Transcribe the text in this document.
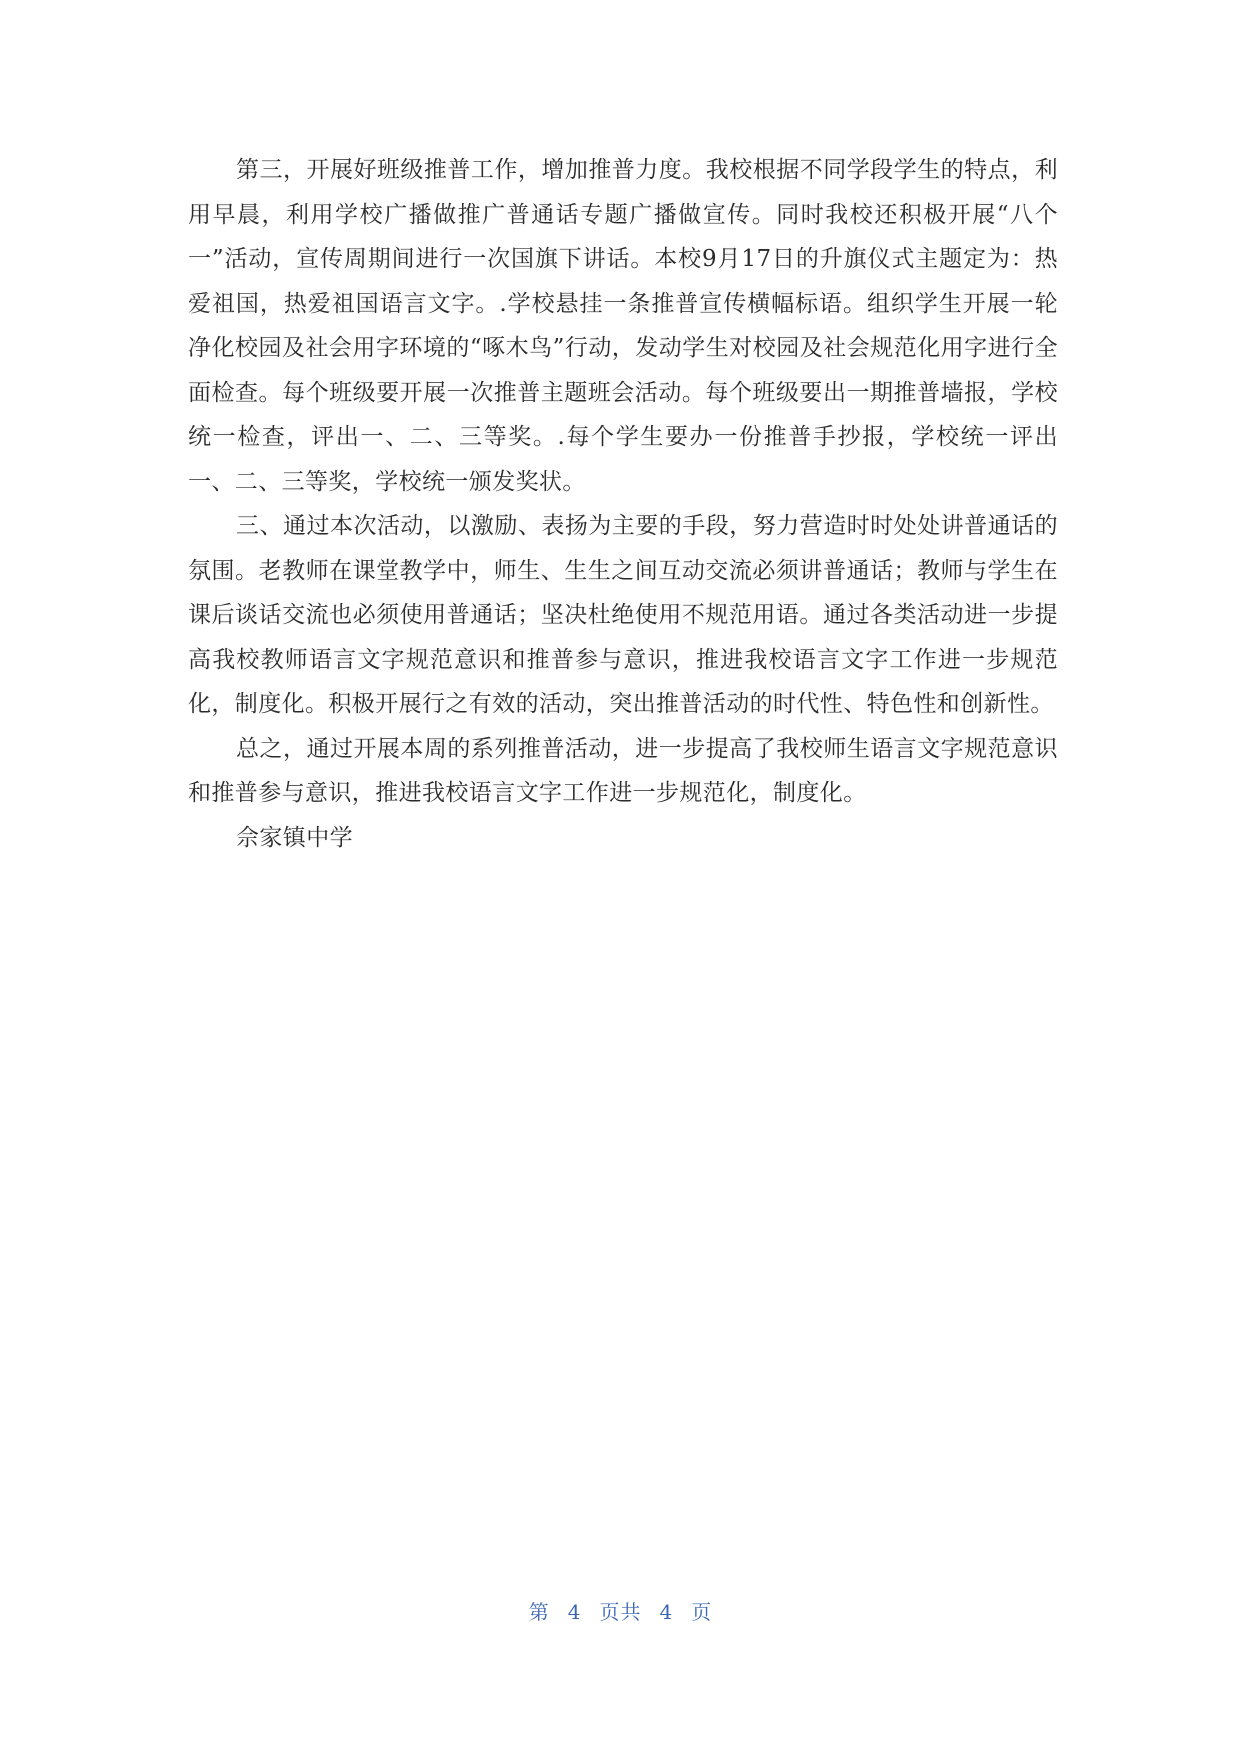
第三，开展好班级推普工作，增加推普力度。我校根据不同学段学生的特点，利用早晨，利用学校广播做推广普通话专题广播做宣传。同时我校还积极开展“八个一”活动，宣传周期间进行一次国旗下讲话。本校9月17日的升旗仪式主题定为：热爱祖国，热爱祖国语言文字。.学校悬挂一条推普宣传横幅标语。组织学生开展一轮净化校园及社会用字环境的“啄木鸟”行动，发动学生对校园及社会规范化用字进行全面检查。每个班级要开展一次推普主题班会活动。每个班级要出一期推普墙报，学校统一检查，评出一、二、三等奖。.每个学生要办一份推普手抄报，学校统一评出一、二、三等奖，学校统一颁发奖状。

三、通过本次活动，以激励、表扬为主要的手段，努力营造时时处处讲普通话的氛围。老教师在课堂教学中，师生、生生之间互动交流必须讲普通话；教师与学生在课后谈话交流也必须使用普通话；坚决杜绝使用不规范用语。通过各类活动进一步提高我校教师语言文字规范意识和推普参与意识，推进我校语言文字工作进一步规范化，制度化。积极开展行之有效的活动，突出推普活动的时代性、特色性和创新性。

总之，通过开展本周的系列推普活动，进一步提高了我校师生语言文字规范意识和推普参与意识，推进我校语言文字工作进一步规范化，制度化。

佘家镇中学

第 4 页共 4 页
